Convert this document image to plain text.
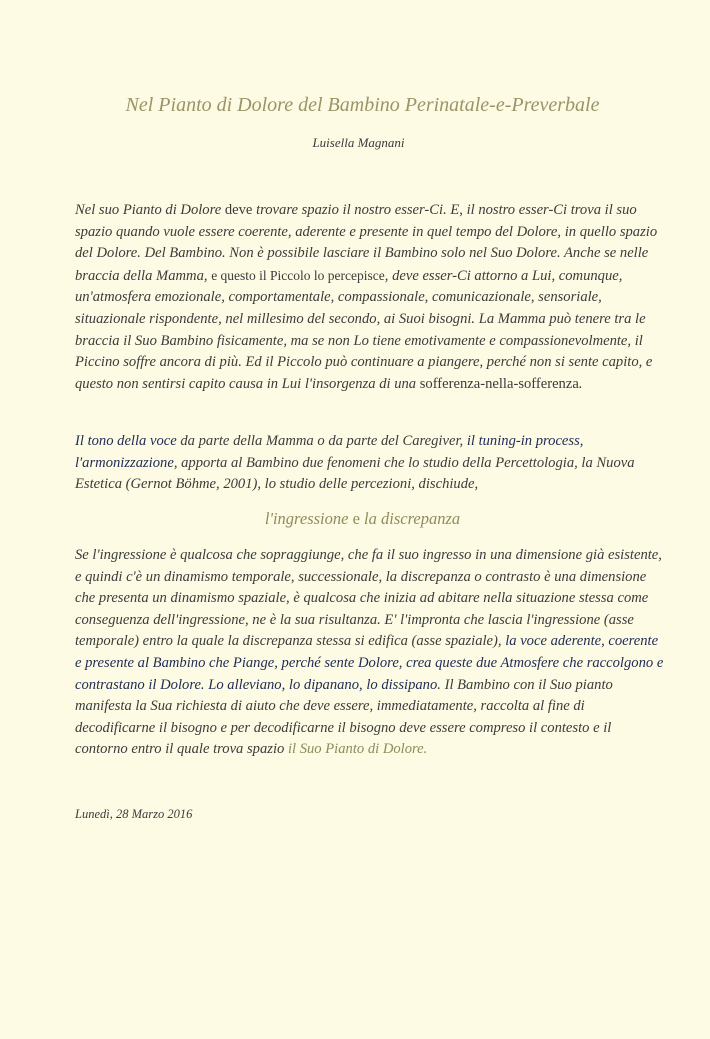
Nel Pianto di Dolore del Bambino Perinatale-e-Preverbale
Luisella Magnani

Nel suo Pianto di Dolore deve trovare spazio il nostro esser-Ci. E, il nostro esser-Ci trova il suo spazio quando vuole essere coerente, aderente e presente in quel tempo del Dolore, in quello spazio del Dolore. Del Bambino. Non è possibile lasciare il Bambino solo nel Suo Dolore. Anche se nelle braccia della Mamma, e questo il Piccolo lo percepisce, deve esser-Ci attorno a Lui, comunque, un'atmosfera emozionale, comportamentale, compassionale, comunicazionale, sensoriale, situazionale rispondente, nel millesimo del secondo, ai Suoi bisogni. La Mamma può tenere tra le braccia il Suo Bambino fisicamente, ma se non Lo tiene emotivamente e compassionevolmente, il Piccino soffre ancora di più. Ed il Piccolo può continuare a piangere, perché non si sente capito, e questo non sentirsi capito causa in Lui l'insorgenza di una sofferenza-nella-sofferenza.

Il tono della voce da parte della Mamma o da parte del Caregiver, il tuning-in process, l'armonizzazione, apporta al Bambino due fenomeni che lo studio della Percettologia, la Nuova Estetica (Gernot Böhme, 2001), lo studio delle percezioni, dischiude,

l'ingressione e la discrepanza

Se l'ingressione è qualcosa che sopraggiunge, che fa il suo ingresso in una dimensione già esistente, e quindi c'è un dinamismo temporale, successionale, la discrepanza o contrasto è una dimensione che presenta un dinamismo spaziale, è qualcosa che inizia ad abitare nella situazione stessa come conseguenza dell'ingressione, ne è la sua risultanza. E' l'impronta che lascia l'ingressione (asse temporale) entro la quale la discrepanza stessa si edifica (asse spaziale), la voce aderente, coerente e presente al Bambino che Piange, perché sente Dolore, crea queste due Atmosfere che raccolgono e contrastano il Dolore. Lo alleviano, lo dipanano, lo dissipano. Il Bambino con il Suo pianto manifesta la Sua richiesta di aiuto che deve essere, immediatamente, raccolta al fine di decodificarne il bisogno e per decodificarne il bisogno deve essere compreso il contesto e il contorno entro il quale trova spazio il Suo Pianto di Dolore.

Lunedì, 28 Marzo 2016
